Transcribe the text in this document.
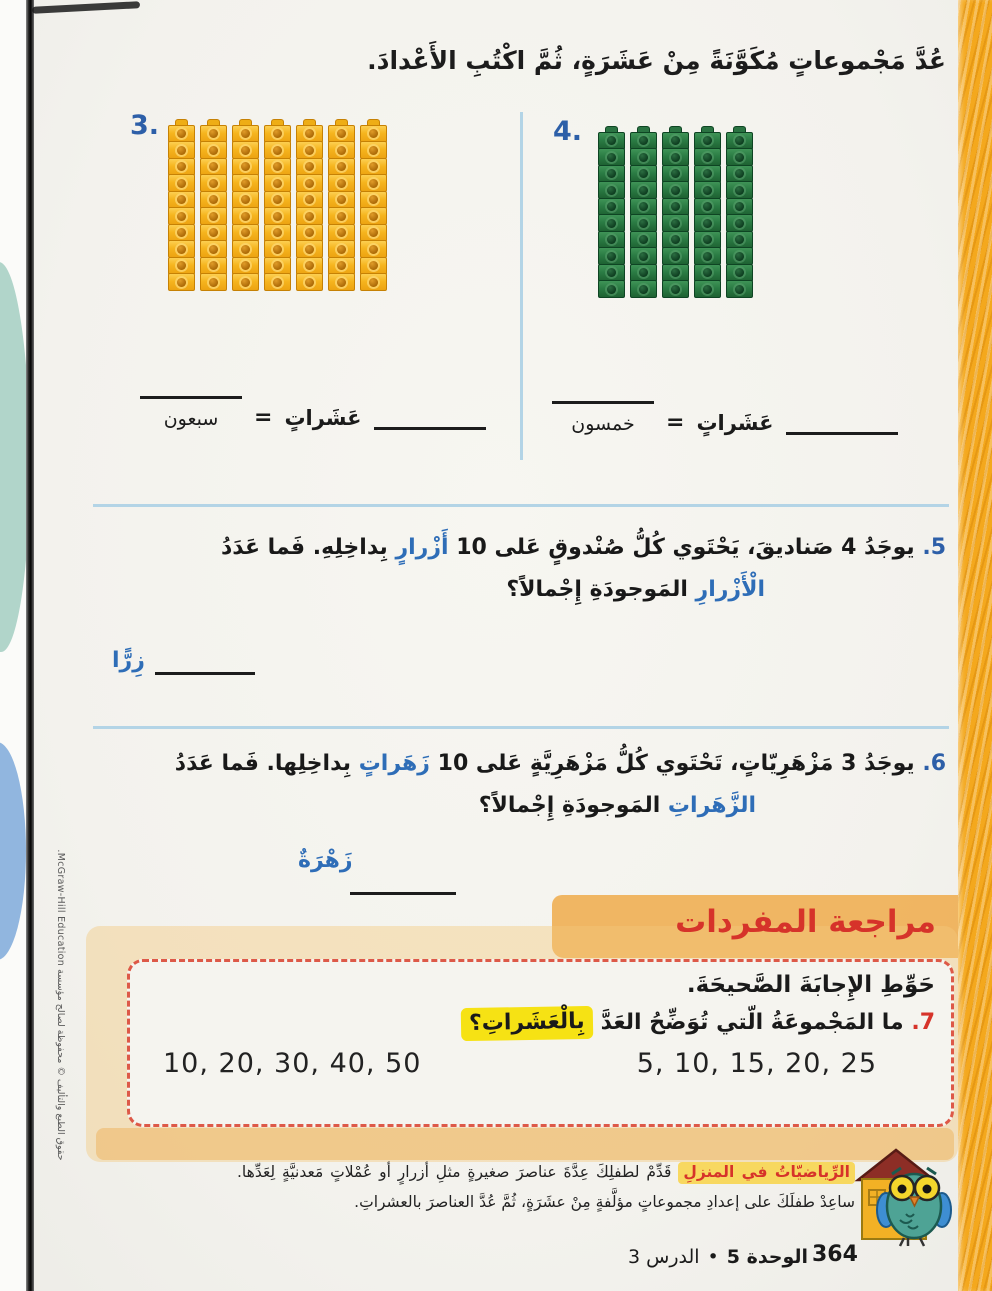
حقوق الطبع والتأليف © محفوظة لصالح مؤسسة McGraw-Hill Education.
عُدَّ مَجْموعاتٍ مُكَوَّنَةً مِنْ عَشَرَةٍ، ثُمَّ اكْتُبِ الأَعْدادَ.
3.
عَشَراتٍ
=
سبعون
4.
عَشَراتٍ
=
خمسون
5. يوجَدُ 4 صَناديقَ، يَحْتَوي كُلُّ صُنْدوقٍ عَلى 10 أَزْرارٍ بِداخِلِهِ. فَما عَدَدُ
الْأَزْرارِ المَوجودَةِ إِجْمالاً؟
زِرًّا
6. يوجَدُ 3 مَزْهَرِيّاتٍ، تَحْتَوي كُلُّ مَزْهَرِيَّةٍ عَلى 10 زَهَراتٍ بِداخِلِها. فَما عَدَدُ
الزَّهَراتِ المَوجودَةِ إِجْمالاً؟
زَهْرَةٌ
مراجعة المفردات
حَوِّطِ الإِجابَةَ الصَّحيحَةَ.
7. ما المَجْموعَةُ الّتي تُوَضِّحُ العَدَّ بِالْعَشَراتِ؟
10, 20, 30, 40, 50	5, 10, 15, 20, 25
الرِّياضيّاتُ في المنزلِ قَدِّمْ لطفلِكَ عِدَّةَ عناصرَ صغيرةٍ مثلِ أزرارٍ أو عُمْلاتٍ مَعدنيَّةٍ لِعَدِّها. ساعِدْ طفلَكَ على إعدادِ مجموعاتٍ مؤلَّفةٍ مِنْ عشَرَةٍ، ثُمَّ عُدَّ العناصرَ بالعشراتِ.
الوحدة 5
•
الدرس 3	364
